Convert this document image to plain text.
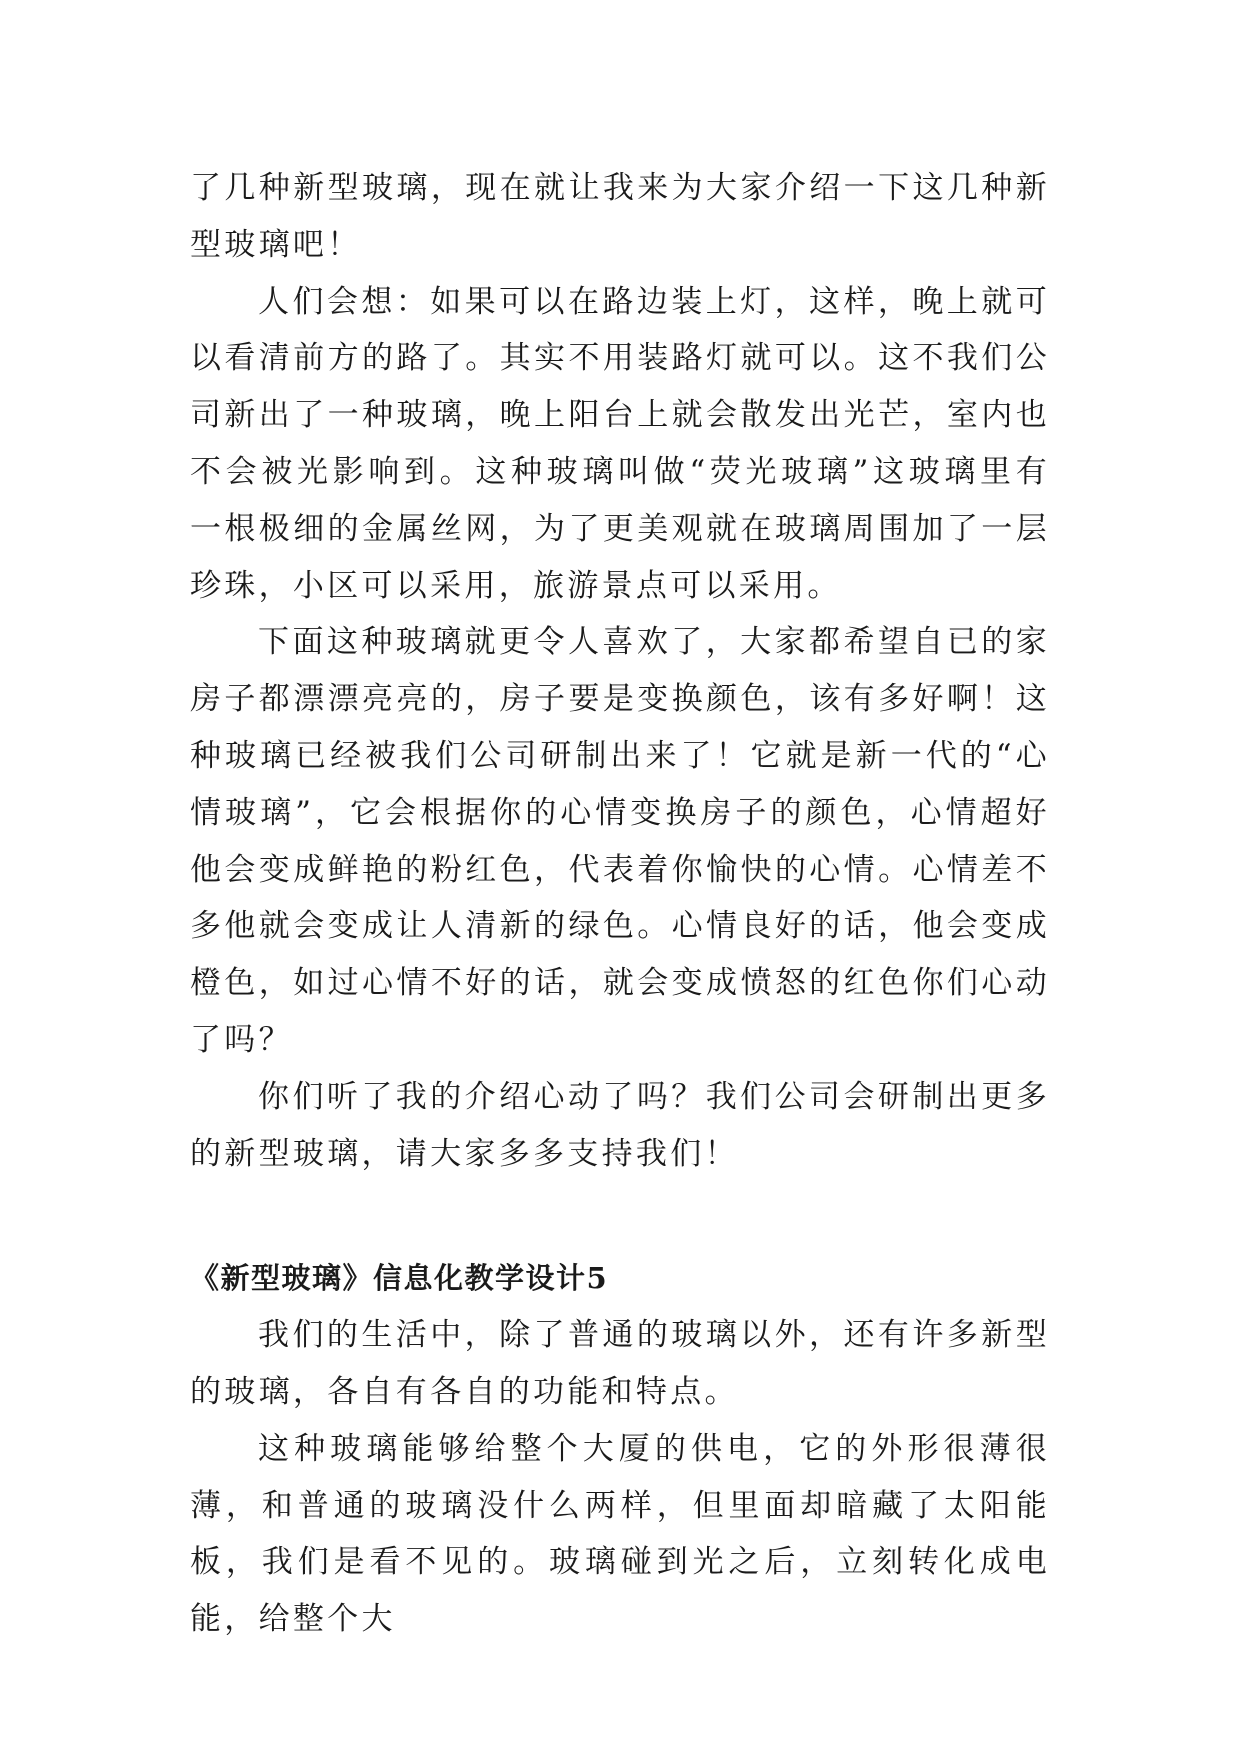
了几种新型玻璃，现在就让我来为大家介绍一下这几种新型玻璃吧！

人们会想：如果可以在路边装上灯，这样，晚上就可以看清前方的路了。其实不用装路灯就可以。这不我们公司新出了一种玻璃，晚上阳台上就会散发出光芒，室内也不会被光影响到。这种玻璃叫做“荧光玻璃”这玻璃里有一根极细的金属丝网，为了更美观就在玻璃周围加了一层珍珠，小区可以采用，旅游景点可以采用。

下面这种玻璃就更令人喜欢了，大家都希望自已的家房子都漂漂亮亮的，房子要是变换颜色，该有多好啊！这种玻璃已经被我们公司研制出来了！它就是新一代的“心情玻璃”，它会根据你的心情变换房子的颜色，心情超好他会变成鲜艳的粉红色，代表着你愉快的心情。心情差不多他就会变成让人清新的绿色。心情良好的话，他会变成橙色，如过心情不好的话，就会变成愤怒的红色你们心动了吗？

你们听了我的介绍心动了吗？我们公司会研制出更多的新型玻璃，请大家多多支持我们！

《新型玻璃》信息化教学设计5

我们的生活中，除了普通的玻璃以外，还有许多新型的玻璃，各自有各自的功能和特点。

这种玻璃能够给整个大厦的供电，它的外形很薄很薄，和普通的玻璃没什么两样，但里面却暗藏了太阳能板，我们是看不见的。玻璃碰到光之后，立刻转化成电能，给整个大
